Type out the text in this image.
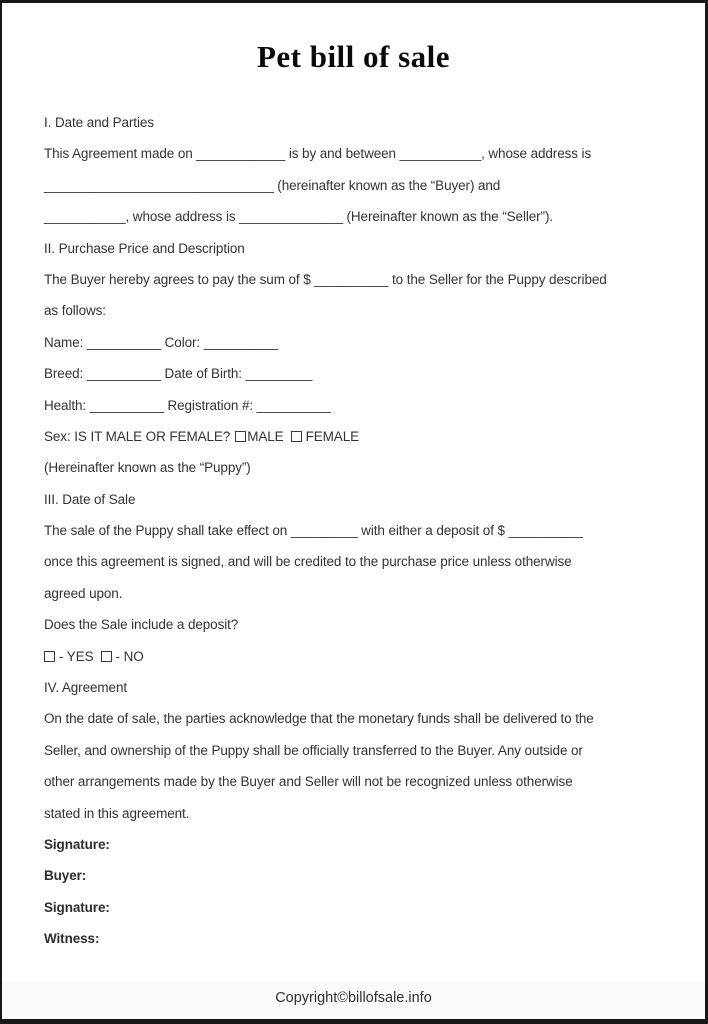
Pet bill of sale

I. Date and Parties

This Agreement made on ____________ is by and between ___________, whose address is

_______________________________ (hereinafter known as the “Buyer) and

___________, whose address is ______________ (Hereinafter known as the “Seller”).

II. Purchase Price and Description

The Buyer hereby agrees to pay the sum of $ __________ to the Seller for the Puppy described

as follows:

Name: __________ Color: __________

Breed: __________ Date of Birth: _________

Health: __________ Registration #: __________

Sex: IS IT MALE OR FEMALE? MALE FEMALE

(Hereinafter known as the “Puppy”)

III. Date of Sale

The sale of the Puppy shall take effect on _________ with either a deposit of $ __________

once this agreement is signed, and will be credited to the purchase price unless otherwise

agreed upon.

Does the Sale include a deposit?

- YES - NO

IV. Agreement

On the date of sale, the parties acknowledge that the monetary funds shall be delivered to the

Seller, and ownership of the Puppy shall be officially transferred to the Buyer. Any outside or

other arrangements made by the Buyer and Seller will not be recognized unless otherwise

stated in this agreement.

Signature:

Buyer:

Signature:

Witness:

Copyright©billofsale.info
